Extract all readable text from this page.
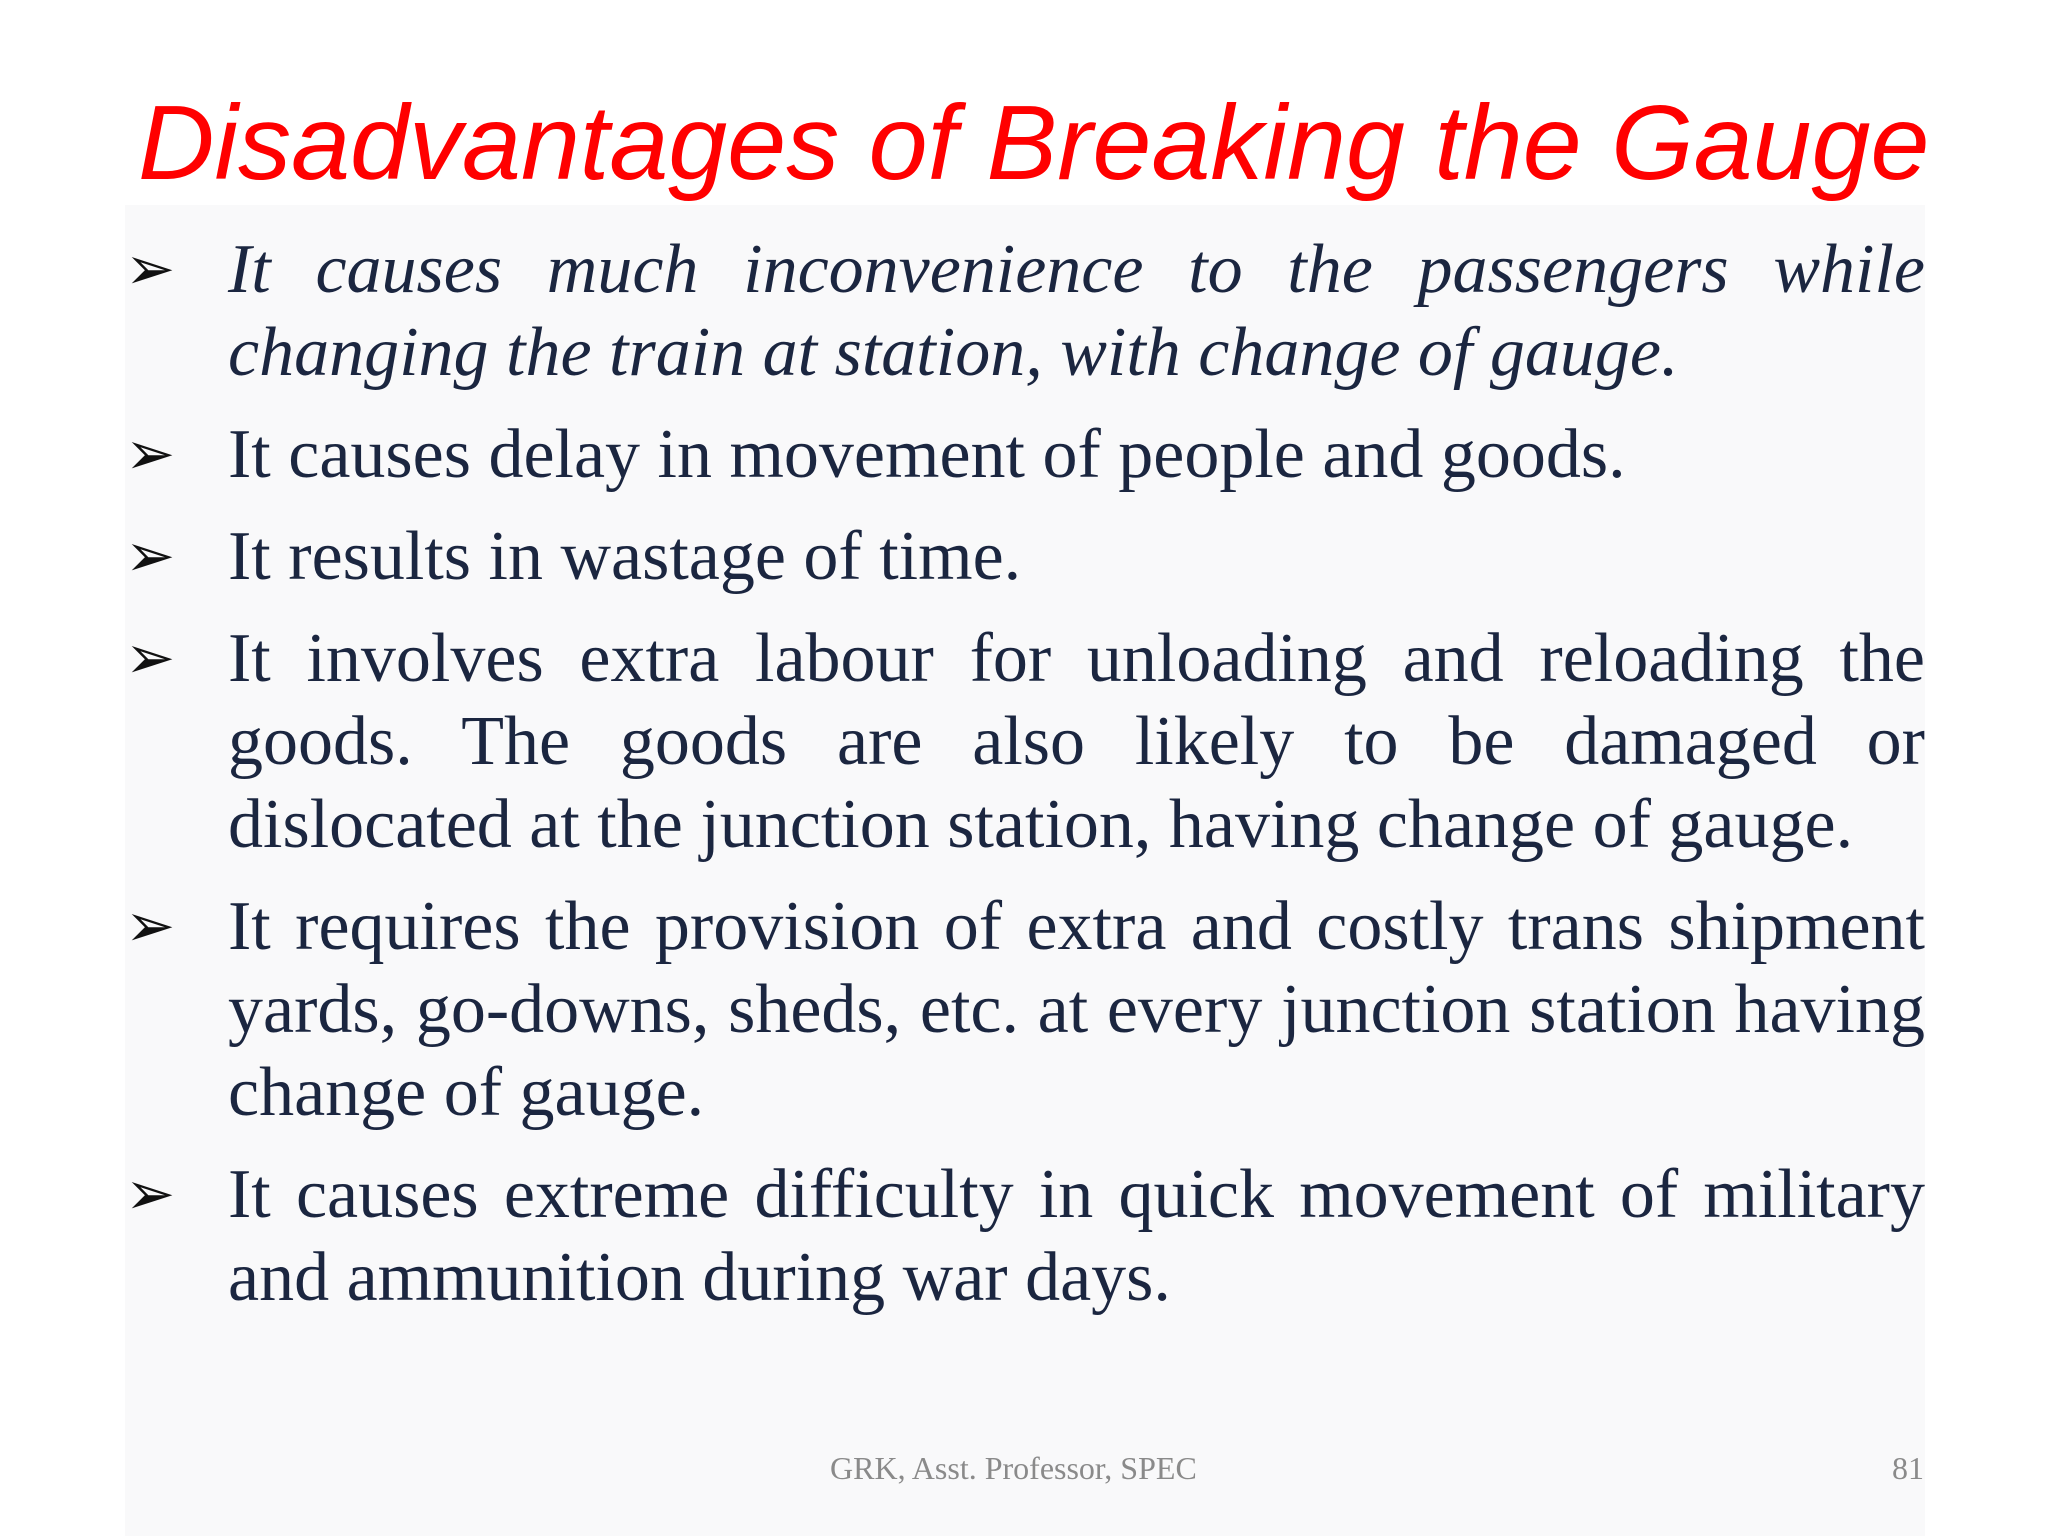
Disadvantages of Breaking the Gauge
➢ It causes much inconvenience to the passengers while changing the train at station, with change of gauge.
➢ It causes delay in movement of people and goods.
➢ It results in wastage of time.
➢ It involves extra labour for unloading and reloading the goods. The goods are also likely to be damaged or dislocated at the junction station, having change of gauge.
➢ It requires the provision of extra and costly trans shipment yards, go-downs, sheds, etc. at every junction station having change of gauge.
➢ It causes extreme difficulty in quick movement of military and ammunition during war days.
GRK, Asst. Professor, SPEC	81
